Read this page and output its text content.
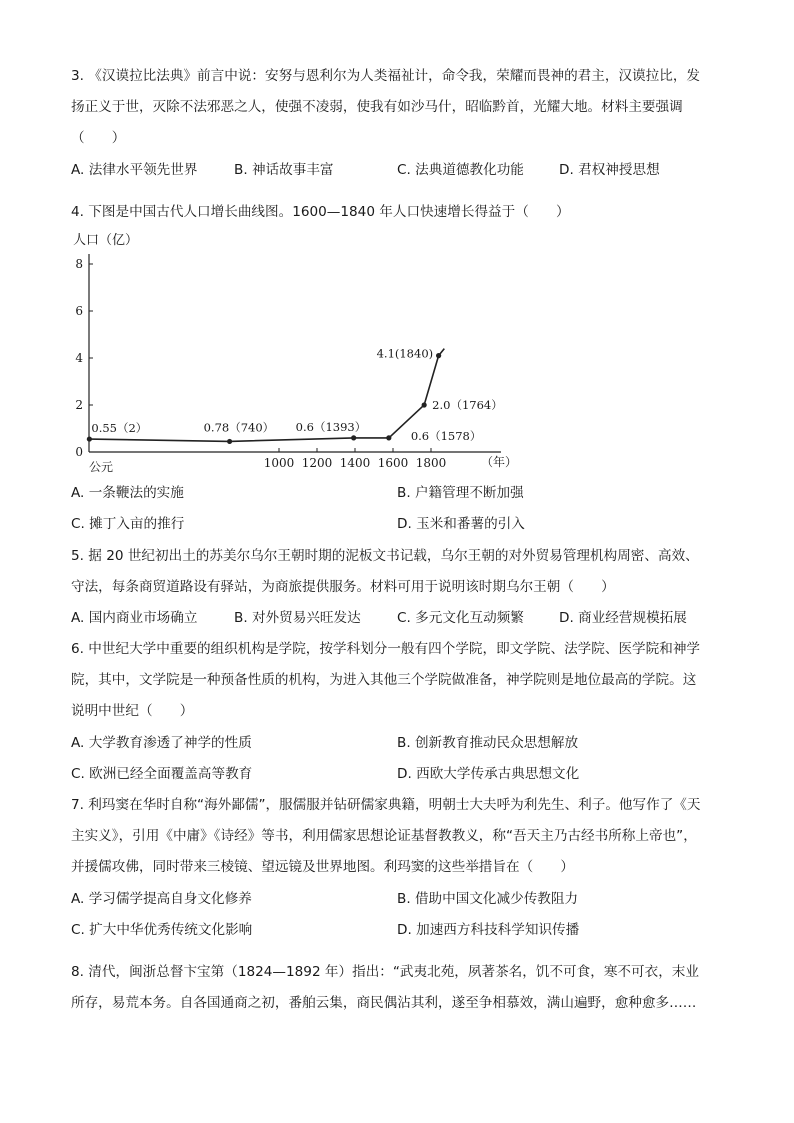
3. 《汉谟拉比法典》前言中说：安努与恩利尔为人类福祉计，命令我，荣耀而畏神的君主，汉谟拉比，发
扬正义于世，灭除不法邪恶之人，使强不凌弱，使我有如沙马什，昭临黔首，光耀大地。材料主要强调
（　　）
A. 法律水平领先世界	B. 神话故事丰富	C. 法典道德教化功能	D. 君权神授思想
4. 下图是中国古代人口增长曲线图。1600—1840 年人口快速增长得益于（　　）
人口（亿）
（年）
公元
0
2
4
6
8
1000 1200 1400 1600 1800
0.55（2）	0.78（740） 0.6（1393）
0.6（1578）
2.0（1764）
4.1(1840)
A. 一条鞭法的实施	B. 户籍管理不断加强
C. 摊丁入亩的推行	D. 玉米和番薯的引入
5. 据 20 世纪初出土的苏美尔乌尔王朝时期的泥板文书记载，乌尔王朝的对外贸易管理机构周密、高效、
守法，每条商贸道路设有驿站，为商旅提供服务。材料可用于说明该时期乌尔王朝（　　）
A. 国内商业市场确立	B. 对外贸易兴旺发达	C. 多元文化互动频繁	D. 商业经营规模拓展
6. 中世纪大学中重要的组织机构是学院，按学科划分一般有四个学院，即文学院、法学院、医学院和神学
院，其中，文学院是一种预备性质的机构，为进入其他三个学院做准备，神学院则是地位最高的学院。这
说明中世纪（　　）
A. 大学教育渗透了神学的性质	B. 创新教育推动民众思想解放
C. 欧洲已经全面覆盖高等教育	D. 西欧大学传承古典思想文化
7. 利玛窦在华时自称“海外鄙儒”，服儒服并钻研儒家典籍，明朝士大夫呼为利先生、利子。他写作了《天
主实义》，引用《中庸》《诗经》等书，利用儒家思想论证基督教教义，称“吾天主乃古经书所称上帝也”，
并援儒攻佛，同时带来三棱镜、望远镜及世界地图。利玛窦的这些举措旨在（　　）
A. 学习儒学提高自身文化修养	B. 借助中国文化减少传教阻力
C. 扩大中华优秀传统文化影响	D. 加速西方科技科学知识传播
8. 清代，闽浙总督卞宝第（1824—1892 年）指出：“武夷北苑，夙著茶名，饥不可食，寒不可衣，末业
所存，易荒本务。自各国通商之初，番舶云集，商民偶沾其利，遂至争相慕效，满山遍野，愈种愈多……
